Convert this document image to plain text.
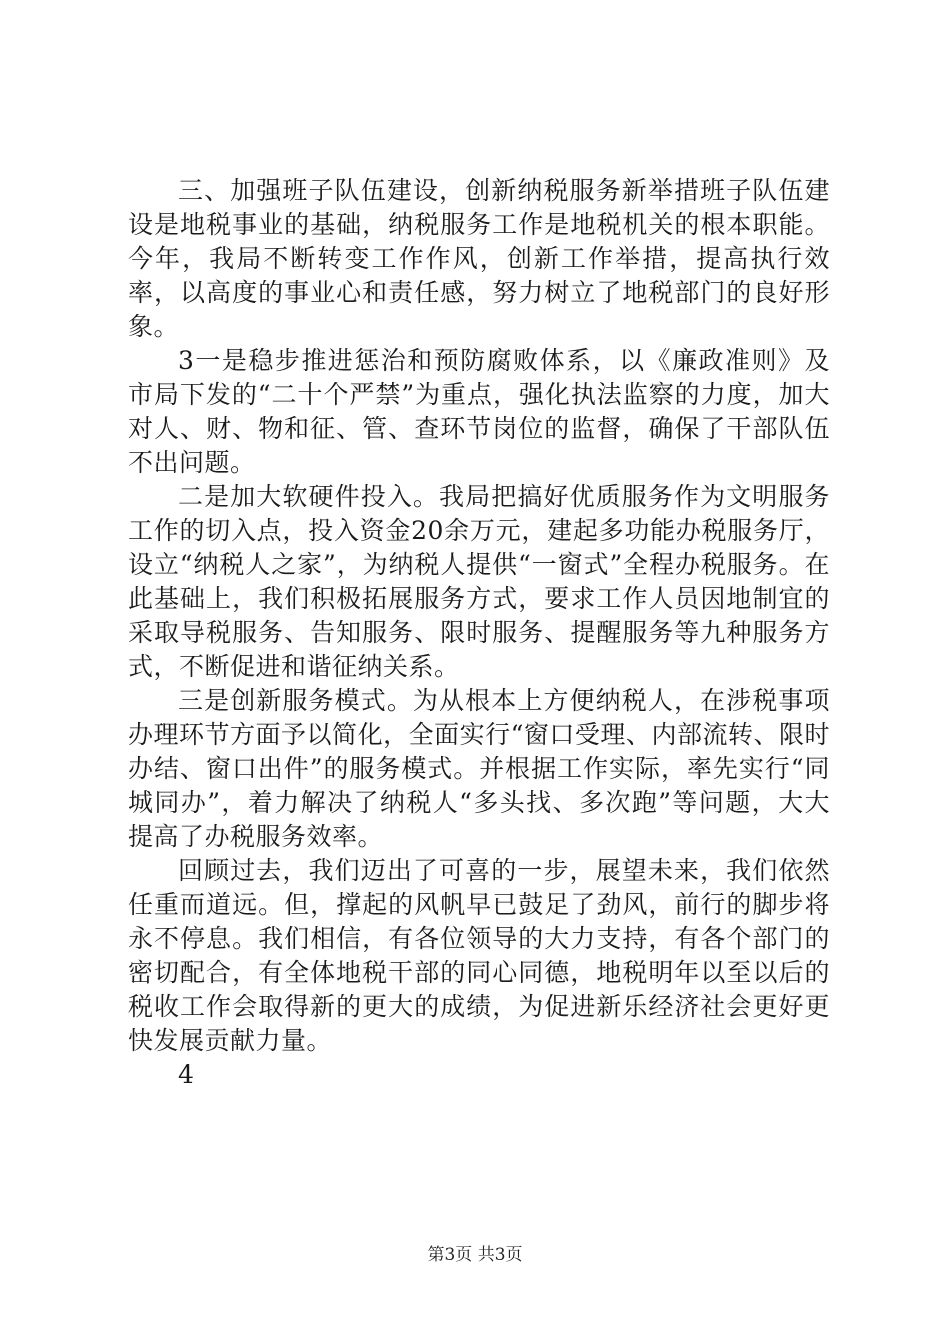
三、加强班子队伍建设，创新纳税服务新举措班子队伍建设是地税事业的基础，纳税服务工作是地税机关的根本职能。今年，我局不断转变工作作风，创新工作举措，提高执行效率，以高度的事业心和责任感，努力树立了地税部门的良好形象。

3一是稳步推进惩治和预防腐败体系，以《廉政准则》及市局下发的“二十个严禁”为重点，强化执法监察的力度，加大对人、财、物和征、管、查环节岗位的监督，确保了干部队伍不出问题。

二是加大软硬件投入。我局把搞好优质服务作为文明服务工作的切入点，投入资金20余万元，建起多功能办税服务厅，设立“纳税人之家”，为纳税人提供“一窗式”全程办税服务。在此基础上，我们积极拓展服务方式，要求工作人员因地制宜的采取导税服务、告知服务、限时服务、提醒服务等九种服务方式，不断促进和谐征纳关系。

三是创新服务模式。为从根本上方便纳税人，在涉税事项办理环节方面予以简化，全面实行“窗口受理、内部流转、限时办结、窗口出件”的服务模式。并根据工作实际，率先实行“同城同办”，着力解决了纳税人“多头找、多次跑”等问题，大大提高了办税服务效率。

回顾过去，我们迈出了可喜的一步，展望未来，我们依然任重而道远。但，撑起的风帆早已鼓足了劲风，前行的脚步将永不停息。我们相信，有各位领导的大力支持，有各个部门的密切配合，有全体地税干部的同心同德，地税明年以至以后的税收工作会取得新的更大的成绩，为促进新乐经济社会更好更快发展贡献力量。

4

第3页 共3页
